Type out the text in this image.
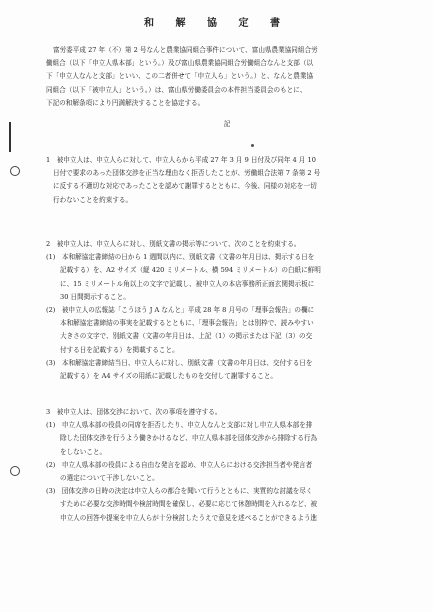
和 解 協 定 書
富労委平成 27 年（不）第 2 号なんと農業協同組合事件について、富山県農業協同組合労
働組合（以下「申立人県本部」という。）及び富山県農業協同組合労働組合なんと支部（以
下「申立人なんと支部」といい、この二者併せて「申立人ら」という。）と、なんと農業協
同組合（以下「被申立人」という。）は、富山県労働委員会の本件担当委員会のもとに、
下記の和解条項により円満解決することを協定する。
記
1　被申立人は、申立人らに対して、申立人らから平成 27 年 3 月 9 日付及び同年 4 月 10
日付で要求のあった団体交渉を正当な理由なく拒否したことが、労働組合法第 7 条第 2 号
に反する不適切な対応であったことを認めて謝罪するとともに、今後、同様の対応を一切
行わないことを約束する。
2　被申立人は、申立人らに対し、別紙文書の掲示等について、次のことを約束する。
(1)　本和解協定書締結の日から 1 週間以内に、別紙文書（文書の年月日は、掲示する日を
記載する）を、A2 サイズ（縦 420 ミリメートル、横 594 ミリメートル）の白紙に鮮明
に、15 ミリメートル角以上の文字で記載し、被申立人の本店事務所正面玄関掲示板に
30 日間掲示すること。
(2)　被申立人の広報誌「こうほう J A なんと」平成 28 年 8 月号の「理事会報告」の欄に
本和解協定書締結の事実を記載するとともに、「理事会報告」とは別枠で、読みやすい
大きさの文字で、別紙文書（文書の年月日は、上記（1）の掲示または下記（3）の交
付する日を記載する）を掲載すること。
(3)　本和解協定書締結当日、申立人らに対し、別紙文書（文書の年月日は、交付する日を
記載する）を A4 サイズの用紙に記載したものを交付して謝罪すること。
3　被申立人は、団体交渉において、次の事項を遵守する。
(1)　申立人県本部の役員の同席を拒否したり、申立人なんと支部に対し申立人県本部を排
除した団体交渉を行うよう働きかけるなど、申立人県本部を団体交渉から排除する行為
をしないこと。
(2)　申立人県本部の役員による自由な発言を認め、申立人らにおける交渉担当者や発言者
の選定について干渉しないこと。
(3)　団体交渉の日時の決定は申立人らの都合を聞いて行うとともに、実質的な討議を尽く
すために必要な交渉時間や検討時間を確保し、必要に応じて休憩時間を入れるなど、被
申立人の回答や提案を申立人らが十分検討したうえで意見を述べることができるよう進
